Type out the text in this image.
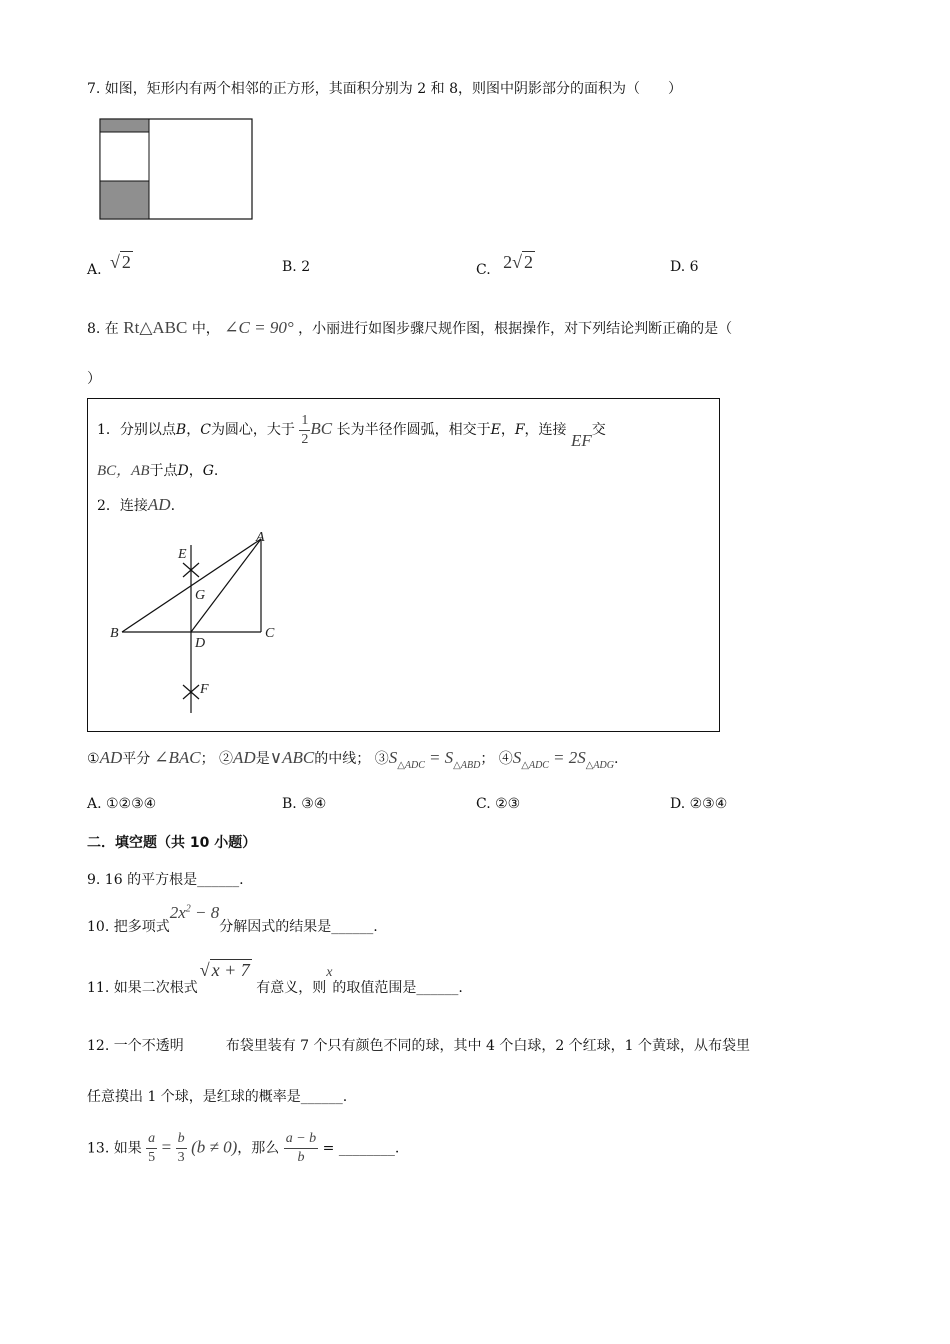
7. 如图，矩形内有两个相邻的正方形，其面积分别为 2 和 8，则图中阴影部分的面积为（　　）
A. √ 2	B. 2	C. 2√ 2	D. 6
8. 在 Rt△ABC 中， ∠C = 90° ，小丽进行如图步骤尺规作图，根据操作，对下列结论判断正确的是（
）
1．分别以点B，C为圆心，大于 $\frac{1}{2}$ BC 长为半径作圆弧，相交于E，F，连接 EF交
BC，AB于点D，G.
2．连接AD.
E
A
G
B
D
C
F
①AD平分 ∠BAC； ②AD是∨ABC的中线； $③S_{\triangle ADC} = S_{\triangle ABD}$； $④S_{\triangle ADC} = 2S_{\triangle ADG}$.
A. ①②③④	B. ③④	C. ②③	D. ②③④
二．填空题（共 10 小题）
9. 16 的平方根是______.
10. 把多项式$2x^2 - 8$分解因式的结果是______.
11. 如果二次根式√ x + 7 有意义，则x的取值范围是______.
12. 一个不透明　　　布袋里装有 7 个只有颜色不同的球，其中 4 个白球，2 个红球，1 个黄球，从布袋里
任意摸出 1 个球，是红球的概率是______.
13. 如果 $\frac{a}{5} = \frac{b}{3} (b \ne 0)$，那么 $\frac{a - b}{b}$ = ________.
